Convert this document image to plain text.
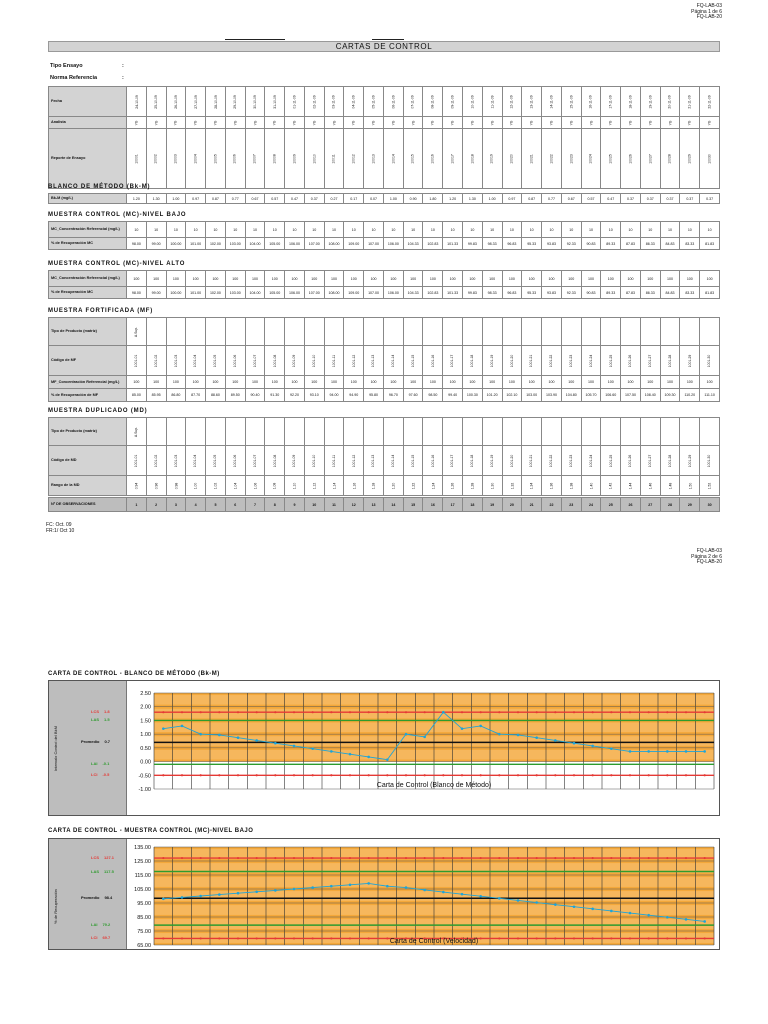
FQ-LAB-03
Página 1 de 6
FQ-LAB-20
CARTAS DE CONTROL
Tipo Ensayo	:
Norma Referencia	:
Fecha	24-10-09	25-10-09	26-10-09	27-10-09	28-10-09	29-10-09	30-10-09	31-10-09	01-11-09	02-11-09	03-11-09	04-11-09	05-11-09	06-11-09	07-11-09	08-11-09	09-11-09	10-11-09	11-11-09	12-11-09	13-11-09	14-11-09	15-11-09	16-11-09	17-11-09	18-11-09	19-11-09	20-11-09	21-11-09	22-11-09
Analista	YG	YG	YG	YG	YG	YG	YG	YG	YG	YG	YG	YG	YG	YG	YG	YG	YG	YG	YG	YG	YG	YG	YG	YG	YG	YG	YG	YG	YG	YG
Reporte de Ensayo	10001	10002	10003	10004	10005	10006	10007	10008	10009	10010	10011	10012	10013	10014	10015	10016	10017	10018	10019	10020	10021	10022	10023	10024	10025	10026	10027	10028	10029	10030
BLANCO DE MÉTODO (Bk-M)
Bk-M (mg/L)	1.20	1.30	1.00	0.97	0.87	0.77	0.67	0.57	0.47	0.37	0.27	0.17	0.07	1.00	0.90	1.80	1.20	1.30	1.00	0.97	0.87	0.77	0.67	0.57	0.47	0.37	0.37	0.37	0.37	0.37
MUESTRA CONTROL (MC)-NIVEL BAJO
MC_Concentración Referencial (mg/L)	10	10	10	10	10	10	10	10	10	10	10	10	10	10	10	10	10	10	10	10	10	10	10	10	10	10	10	10	10	10
% de Recuperación MC	98.00	99.00	100.00	101.00	102.00	103.00	104.00	105.00	106.00	107.00	108.00	109.00	107.00	106.00	104.33	102.83	101.33	99.83	98.33	96.83	95.33	93.83	92.33	90.83	89.33	87.83	86.33	84.83	83.33	81.83
MUESTRA CONTROL (MC)-NIVEL ALTO
MC_Concentración Referencial (mg/L)	100	100	100	100	100	100	100	100	100	100	100	100	100	100	100	100	100	100	100	100	100	100	100	100	100	100	100	100	100	100
% de Recuperación MC	98.00	99.00	100.00	101.00	102.00	103.00	104.00	105.00	106.00	107.00	108.00	109.00	107.00	106.00	104.33	102.83	101.33	99.83	98.33	96.83	95.33	93.83	92.33	90.83	89.33	87.83	86.33	84.83	83.33	81.83
MUESTRA FORTIFICADA (MF)
Tipo de Producto (matriz)	A.Sup.																													
Código de MF	1001-01	1001-02	1001-03	1001-04	1001-05	1001-06	1001-07	1001-08	1001-09	1001-10	1001-11	1001-12	1001-13	1001-14	1001-15	1001-16	1001-17	1001-18	1001-19	1001-20	1001-21	1001-22	1001-23	1001-24	1001-25	1001-26	1001-27	1001-28	1001-29	1001-30
MF_Concentración Referencial (mg/L)	100	100	100	100	100	100	100	100	100	100	100	100	100	100	100	100	100	100	100	100	100	100	100	100	100	100	100	100	100	100
% de Recuperación de MF	85.00	85.95	86.80	87.70	88.60	89.50	90.40	91.30	92.20	93.10	94.00	94.90	95.80	96.70	97.60	98.50	99.40	100.30	101.20	102.10	103.00	103.90	104.80	105.70	106.60	107.50	108.40	109.30	110.20	111.10
MUESTRA DUPLICADO (MD)
Tipo de Producto (matriz)	A.Sup.																													
Código de MD	1001-01	1001-02	1001-03	1001-04	1001-05	1001-06	1001-07	1001-08	1001-09	1001-10	1001-11	1001-12	1001-13	1001-14	1001-15	1001-16	1001-17	1001-18	1001-19	1001-20	1001-21	1001-22	1001-23	1001-24	1001-25	1001-26	1001-27	1001-28	1001-29	1001-30
Rango de la MD	0.94	0.96	0.98	1.00	1.02	1.04	1.06	1.08	1.10	1.12	1.14	1.16	1.18	1.20	1.22	1.24	1.26	1.28	1.30	1.32	1.34	1.36	1.38	1.40	1.42	1.44	1.46	1.48	1.50	1.52
Nº DE OBSERVACIONES	1	2	3	4	5	6	7	8	9	10	11	12	13	14	15	16	17	18	19	20	21	22	23	24	25	26	27	28	29	30
FC: Oct. 09
FR:1/ Oct 10
FQ-LAB-03
Página 2 de 6
FQ-LAB-20
CARTA DE CONTROL - BLANCO DE MÉTODO (Bk-M)
Intervalo Control del BkM
LCS 1.8
LAS 1.5
Promedio 0.7
LAI -0.1
LCI -0.5
2.50
2.00
1.50
1.00
0.50
0.00
-0.50
-1.00
Carta de Control (Blanco de Método)
CARTA DE CONTROL - MUESTRA CONTROL (MC)-NIVEL BAJO
% de Recuperación
LCS 127.1
LAS 117.5
Promedio 98.4
LAI 79.2
LCI 69.7
135.00
125.00
115.00
105.00
95.00
85.00
75.00
65.00
Carta de Control (Velocidad)
